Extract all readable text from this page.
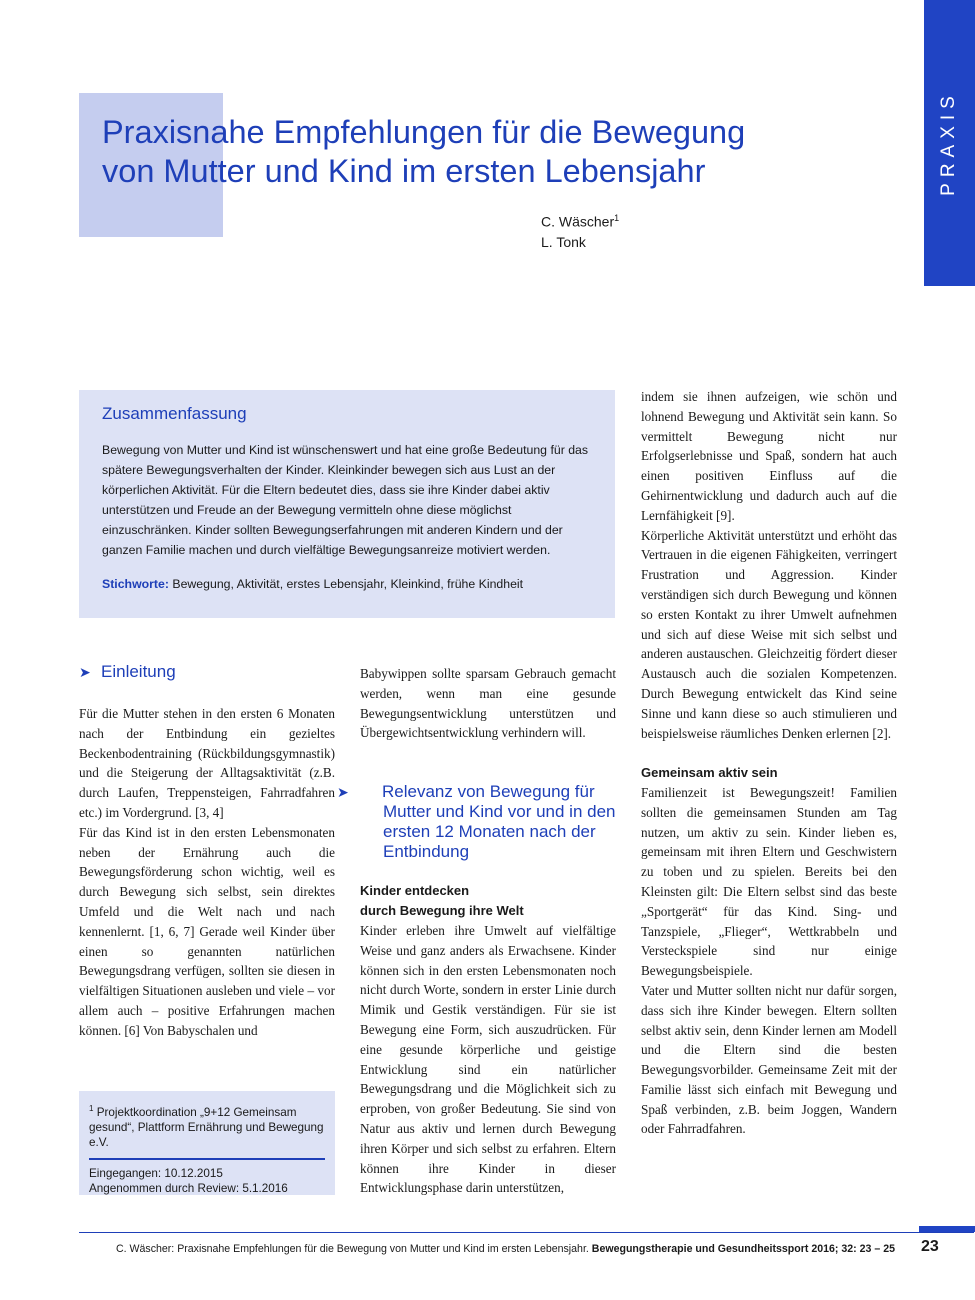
Praxisnahe Empfehlungen für die Bewegung
von Mutter und Kind im ersten Lebensjahr
C. Wäscher$^1$
L. Tonk
PRAXIS
Zusammenfassung

Bewegung von Mutter und Kind ist wünschenswert und hat eine große Bedeutung für das spätere Bewegungsverhalten der Kinder. Kleinkinder bewegen sich aus Lust an der körperlichen Aktivität. Für die Eltern bedeutet dies, dass sie ihre Kinder dabei aktiv unterstützen und Freude an der Bewegung vermitteln ohne diese möglichst einzuschränken. Kinder sollten Bewegungserfahrungen mit anderen Kindern und der ganzen Familie machen und durch vielfältige Bewegungsanreize motiviert werden.

Stichworte: Bewegung, Aktivität, erstes Lebensjahr, Kleinkind, frühe Kindheit

➤ Einleitung

Für die Mutter stehen in den ersten 6 Monaten nach der Entbindung ein gezieltes Beckenbodentraining (Rückbildungsgymnastik) und die Steigerung der Alltagsaktivität (z.B. durch Laufen, Treppensteigen, Fahrradfahren etc.) im Vordergrund. [3, 4]

Für das Kind ist in den ersten Lebensmonaten neben der Ernährung auch die Bewegungsförderung schon wichtig, weil es durch Bewegung sich selbst, sein direktes Umfeld und die Welt nach und nach kennenlernt. [1, 6, 7] Gerade weil Kinder über einen so genannten natürlichen Bewegungsdrang verfügen, sollten sie diesen in vielfältigen Situationen ausleben und viele – vor allem auch – positive Erfahrungen machen können. [6] Von Babyschalen und

Babywippen sollte sparsam Gebrauch gemacht werden, wenn man eine gesunde Bewegungsentwicklung unterstützen und Übergewichtsentwicklung verhindern will.

➤ Relevanz von Bewegung für Mutter und Kind vor und in den ersten 12 Monaten nach der Entbindung
Kinder entdecken
durch Bewegung ihre Welt

Kinder erleben ihre Umwelt auf vielfältige Weise und ganz anders als Erwachsene. Kinder können sich in den ersten Lebensmonaten noch nicht durch Worte, sondern in erster Linie durch Mimik und Gestik verständigen. Für sie ist Bewegung eine Form, sich auszudrücken. Für eine gesunde körperliche und geistige Entwicklung sind ein natürlicher Bewegungsdrang und die Möglichkeit sich zu erproben, von großer Bedeutung. Sie sind von Natur aus aktiv und lernen durch Bewegung ihren Körper und sich selbst zu erfahren. Eltern können ihre Kinder in dieser Entwicklungsphase darin unterstützen,

indem sie ihnen aufzeigen, wie schön und lohnend Bewegung und Aktivität sein kann. So vermittelt Bewegung nicht nur Erfolgserlebnisse und Spaß, sondern hat auch einen positiven Einfluss auf die Gehirnentwicklung und dadurch auch auf die Lernfähigkeit [9].

Körperliche Aktivität unterstützt und erhöht das Vertrauen in die eigenen Fähigkeiten, verringert Frustration und Aggression. Kinder verständigen sich durch Bewegung und können so ersten Kontakt zu ihrer Umwelt aufnehmen und sich auf diese Weise mit sich selbst und anderen austauschen. Gleichzeitig fördert dieser Austausch auch die sozialen Kompetenzen. Durch Bewegung entwickelt das Kind seine Sinne und kann diese so auch stimulieren und beispielsweise räumliches Denken erlernen [2].

Gemeinsam aktiv sein

Familienzeit ist Bewegungszeit! Familien sollten die gemeinsamen Stunden am Tag nutzen, um aktiv zu sein. Kinder lieben es, gemeinsam mit ihren Eltern und Geschwistern zu toben und zu spielen. Bereits bei den Kleinsten gilt: Die Eltern selbst sind das beste „Sportgerät“ für das Kind. Sing- und Tanzspiele, „Flieger“, Wettkrabbeln und Versteckspiele sind nur einige Bewegungsbeispiele.

Vater und Mutter sollten nicht nur dafür sorgen, dass sich ihre Kinder bewegen. Eltern sollten selbst aktiv sein, denn Kinder lernen am Modell und die Eltern sind die besten Bewegungsvorbilder. Gemeinsame Zeit mit der Familie lässt sich einfach mit Bewegung und Spaß verbinden, z.B. beim Joggen, Wandern oder Fahrradfahren.

$^1$ Projektkoordination „9+12 Gemeinsam gesund“, Plattform Ernährung und Bewegung e.V.
Eingegangen: 10.12.2015
Angenommen durch Review: 5.1.2016
C. Wäscher: Praxisnahe Empfehlungen für die Bewegung von Mutter und Kind im ersten Lebensjahr. Bewegungstherapie und Gesundheitssport 2016; 32: 23 – 25 23
